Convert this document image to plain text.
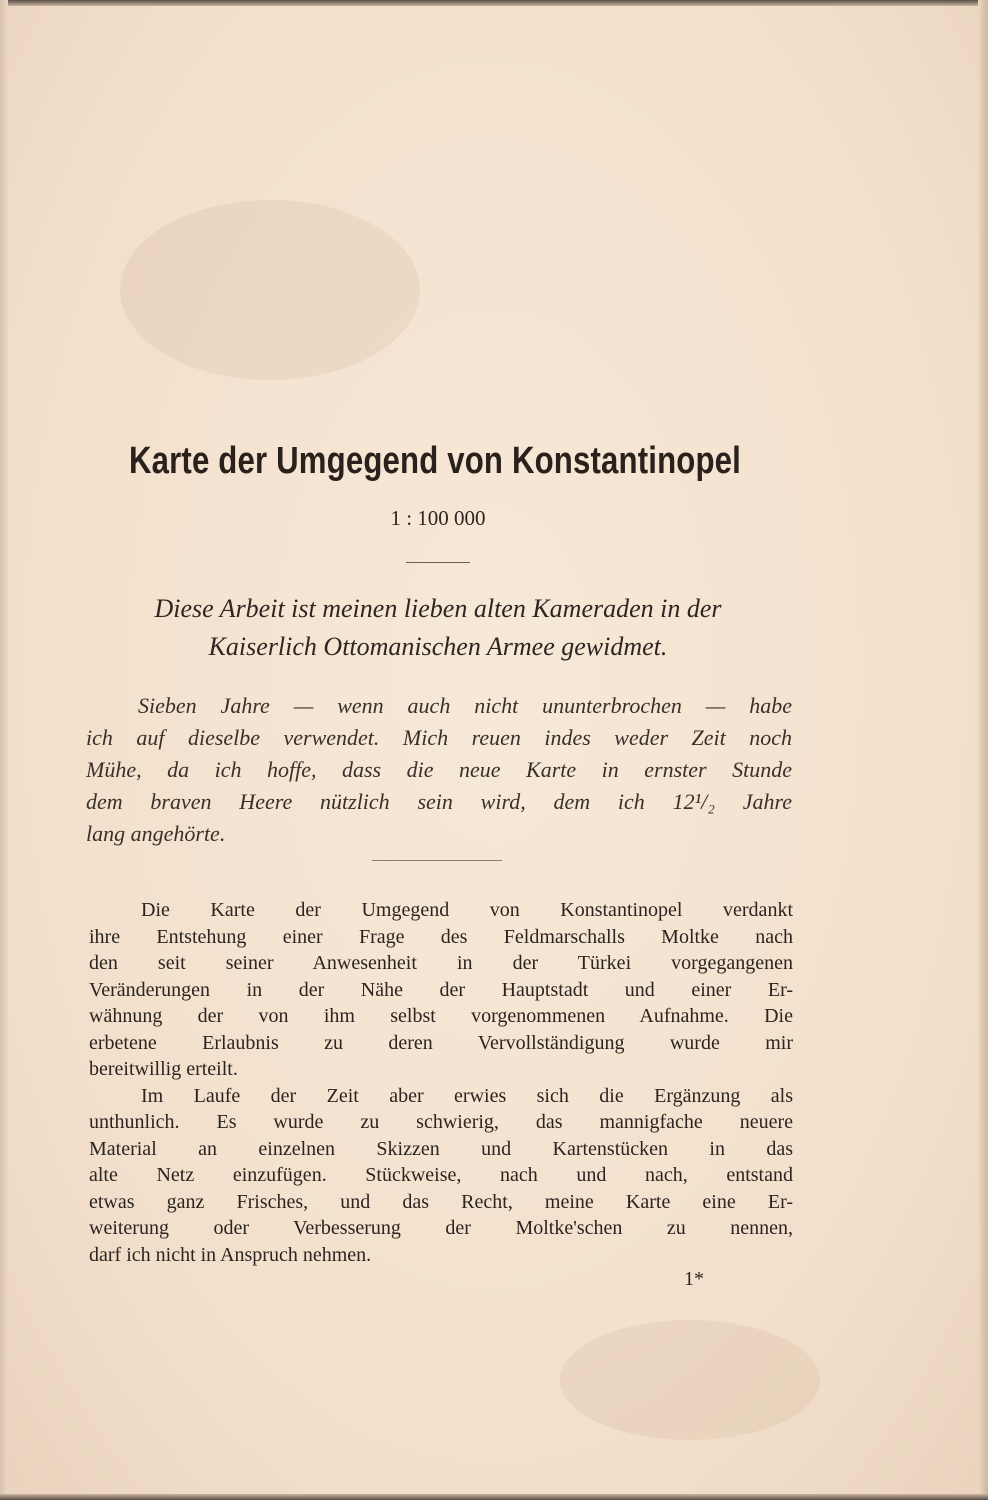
Karte der Umgegend von Konstantinopel
1 : 100 000
Diese Arbeit ist meinen lieben alten Kameraden in der
Kaiserlich Ottomanischen Armee gewidmet.
Sieben Jahre — wenn auch nicht ununterbrochen — habe
ich auf dieselbe verwendet. Mich reuen indes weder Zeit noch
Mühe, da ich hoffe, dass die neue Karte in ernster Stunde
dem braven Heere nützlich sein wird, dem ich 12¹/₂ Jahre
lang angehörte.
Die Karte der Umgegend von Konstantinopel verdankt
ihre Entstehung einer Frage des Feldmarschalls Moltke nach
den seit seiner Anwesenheit in der Türkei vorgegangenen
Veränderungen in der Nähe der Hauptstadt und einer Er-
wähnung der von ihm selbst vorgenommenen Aufnahme. Die
erbetene Erlaubnis zu deren Vervollständigung wurde mir
bereitwillig erteilt.
Im Laufe der Zeit aber erwies sich die Ergänzung als
unthunlich. Es wurde zu schwierig, das mannigfache neuere
Material an einzelnen Skizzen und Kartenstücken in das
alte Netz einzufügen. Stückweise, nach und nach, entstand
etwas ganz Frisches, und das Recht, meine Karte eine Er-
weiterung oder Verbesserung der Moltke'schen zu nennen,
darf ich nicht in Anspruch nehmen.
1*
